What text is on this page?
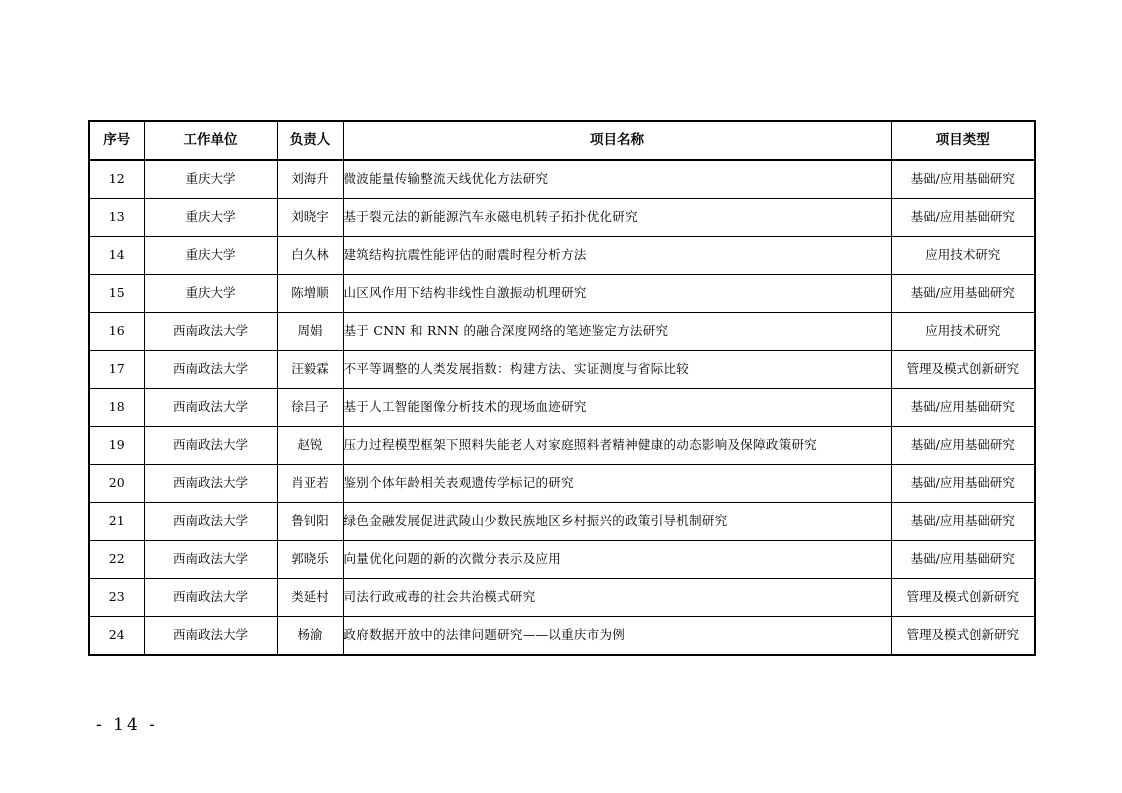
序号	工作单位	负责人	项目名称	项目类型
12	重庆大学	刘海升	微波能量传输整流天线优化方法研究	基础/应用基础研究
13	重庆大学	刘晓宇	基于裂元法的新能源汽车永磁电机转子拓扑优化研究	基础/应用基础研究
14	重庆大学	白久林	建筑结构抗震性能评估的耐震时程分析方法	应用技术研究
15	重庆大学	陈增顺	山区风作用下结构非线性自激振动机理研究	基础/应用基础研究
16	西南政法大学	周娟	基于 CNN 和 RNN 的融合深度网络的笔迹鉴定方法研究	应用技术研究
17	西南政法大学	汪毅霖	不平等调整的人类发展指数：构建方法、实证测度与省际比较	管理及模式创新研究
18	西南政法大学	徐吕子	基于人工智能图像分析技术的现场血迹研究	基础/应用基础研究
19	西南政法大学	赵锐	压力过程模型框架下照料失能老人对家庭照料者精神健康的动态影响及保障政策研究	基础/应用基础研究
20	西南政法大学	肖亚若	鉴别个体年龄相关表观遗传学标记的研究	基础/应用基础研究
21	西南政法大学	鲁钊阳	绿色金融发展促进武陵山少数民族地区乡村振兴的政策引导机制研究	基础/应用基础研究
22	西南政法大学	郭晓乐	向量优化问题的新的次微分表示及应用	基础/应用基础研究
23	西南政法大学	类延村	司法行政戒毒的社会共治模式研究	管理及模式创新研究
24	西南政法大学	杨渝	政府数据开放中的法律问题研究——以重庆市为例	管理及模式创新研究
- 14 -
